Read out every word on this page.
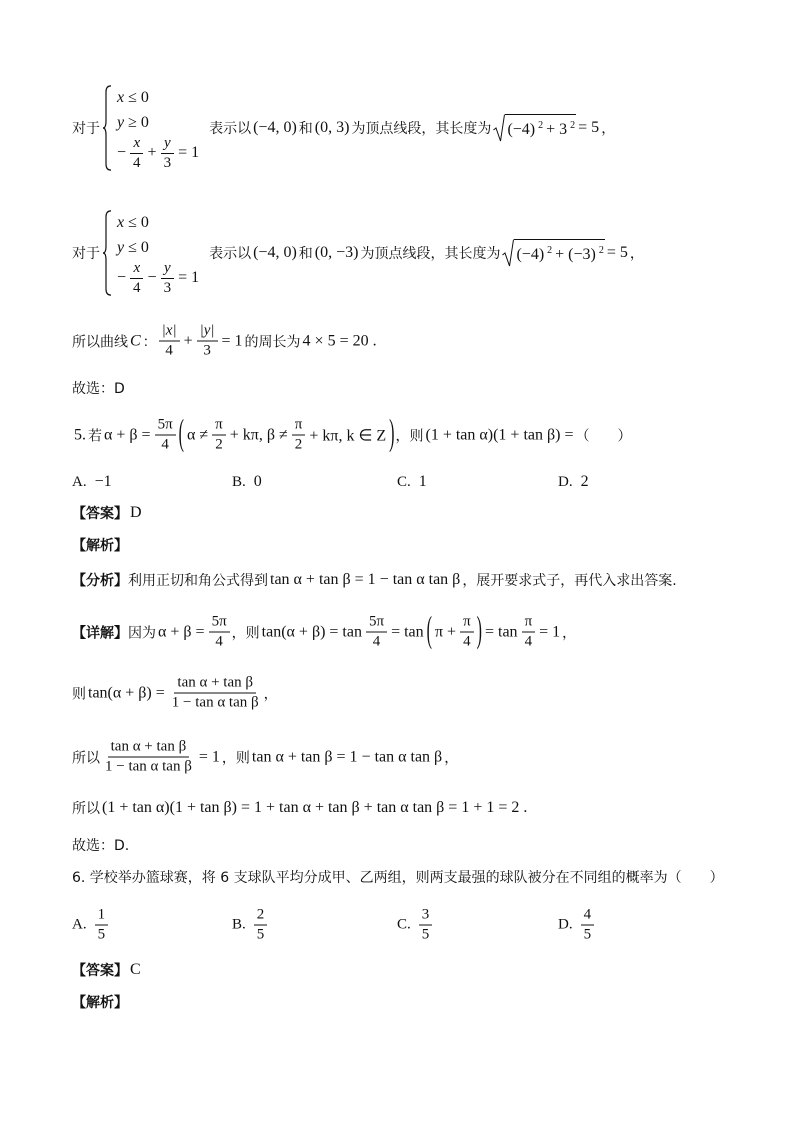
对于
x ≤ 0
y ≥ 0
− $\frac{x}{4} + \frac{y}{3} = 1$
表示以 (−4, 0) 和 (0, 3) 为顶点线段，其长度为 (−4) 2 + 3 2 = 5 ，
对于
x ≤ 0
y ≤ 0
− $\frac{x}{4} - \frac{y}{3} = 1$
表示以 (−4, 0) 和 (0, −3) 为顶点线段，其长度为 (−4) 2 + (−3) 2 = 5 ，
所以曲线 C ： $\frac{|x|}{4} + \frac{|y|}{3} = 1$ 的周长为 4 × 5 = 20 .
故选：D
5. 若 $\alpha + \beta = \frac{5\pi}{4}$ ( $\alpha \ne \frac{\pi}{2} + k\pi$, $\beta \ne \frac{\pi}{2} + k\pi$, k ∈ Z ) ，则 (1 + tan α)(1 + tan β) = （　　）
A. −1	B. 0	C. 1	D. 2
【答案】 D
【解析】
【分析】 利用正切和角公式得到 tan α + tan β = 1 − tan α tan β ，展开要求式子，再代入求出答案.
【详解】 因为 $\alpha + \beta = \frac{5\pi}{4}$ ，则 $\tan(\alpha + \beta) = \tan \frac{5\pi}{4} = \tan$ ( $\pi + \frac{\pi}{4}$ ) = $\tan \frac{\pi}{4} = 1$ ，
则 $\tan(\alpha + \beta) = \frac{\text{tan α + tan β}}{\text{1 − tan α tan β}}$ ，
所以 $\frac{\text{tan α + tan β}}{\text{1 − tan α tan β}} = 1$ ，则 tan α + tan β = 1 − tan α tan β ，
所以 (1 + tan α)(1 + tan β) = 1 + tan α + tan β + tan α tan β = 1 + 1 = 2 .
故选：D.
6. 学校举办篮球赛，将 6 支球队平均分成甲、乙两组，则两支最强的球队被分在不同组的概率为（　　）
A. $\frac{1}{5}$	B. $\frac{2}{5}$	C. $\frac{3}{5}$	D. $\frac{4}{5}$
【答案】 C
【解析】
